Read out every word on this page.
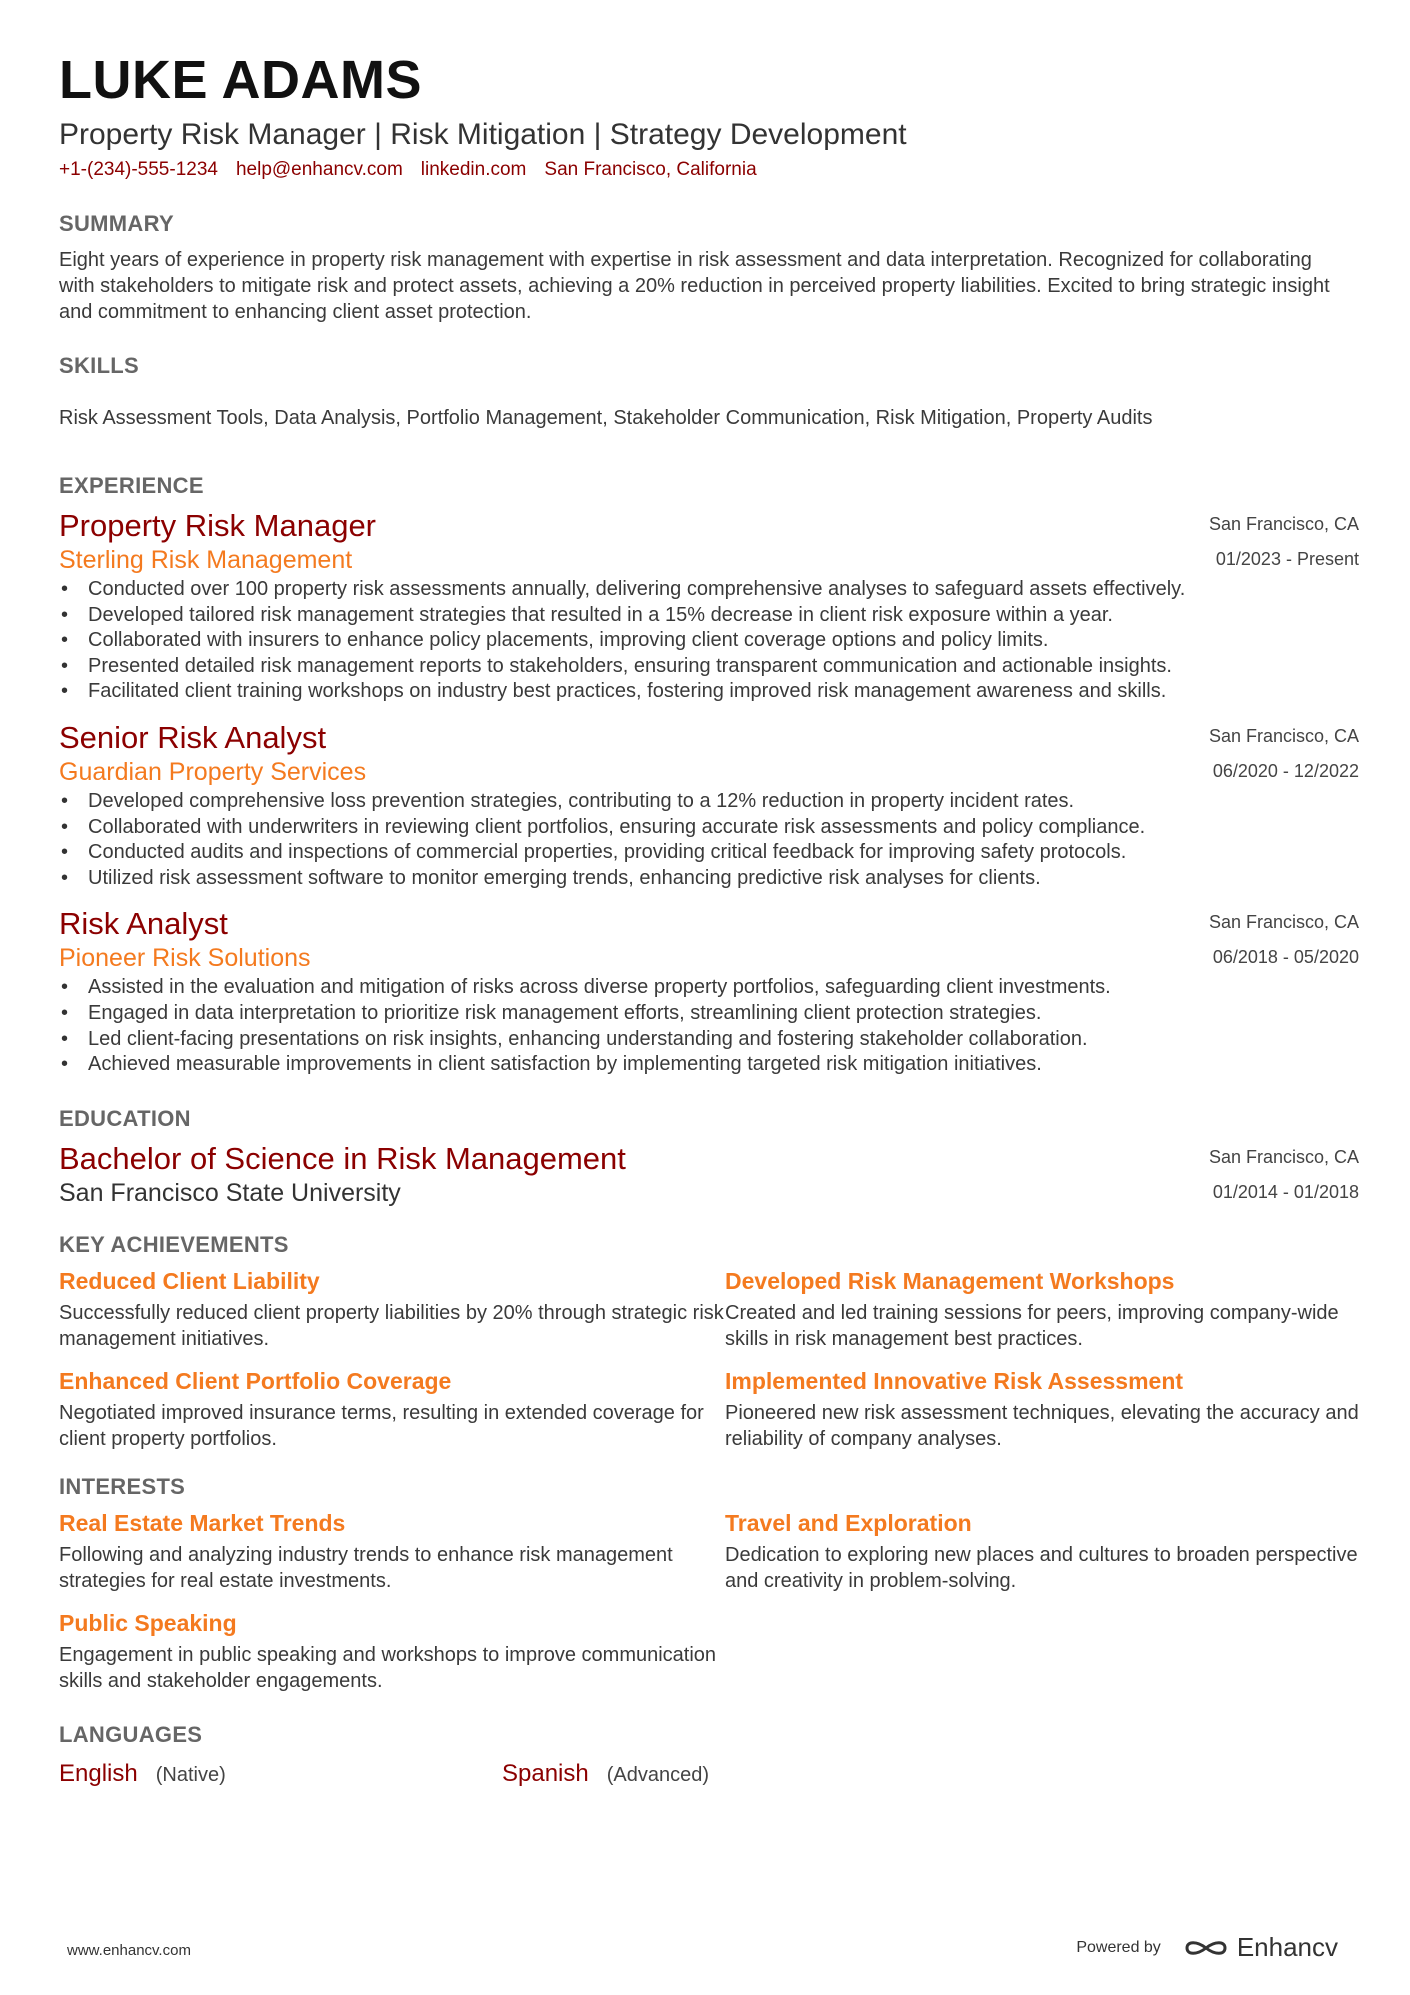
LUKE ADAMS
Property Risk Manager | Risk Mitigation | Strategy Development
+1-(234)-555-1234 help@enhancv.com linkedin.com San Francisco, California
SUMMARY
Eight years of experience in property risk management with expertise in risk assessment and data interpretation. Recognized for collaborating with stakeholders to mitigate risk and protect assets, achieving a 20% reduction in perceived property liabilities. Excited to bring strategic insight and commitment to enhancing client asset protection.
SKILLS
Risk Assessment Tools, Data Analysis, Portfolio Management, Stakeholder Communication, Risk Mitigation, Property Audits
EXPERIENCE
Property Risk Manager
Sterling Risk Management
San Francisco, CA
01/2023 - Present
• Conducted over 100 property risk assessments annually, delivering comprehensive analyses to safeguard assets effectively.
• Developed tailored risk management strategies that resulted in a 15% decrease in client risk exposure within a year.
• Collaborated with insurers to enhance policy placements, improving client coverage options and policy limits.
• Presented detailed risk management reports to stakeholders, ensuring transparent communication and actionable insights.
• Facilitated client training workshops on industry best practices, fostering improved risk management awareness and skills.
Senior Risk Analyst
Guardian Property Services
San Francisco, CA
06/2020 - 12/2022
• Developed comprehensive loss prevention strategies, contributing to a 12% reduction in property incident rates.
• Collaborated with underwriters in reviewing client portfolios, ensuring accurate risk assessments and policy compliance.
• Conducted audits and inspections of commercial properties, providing critical feedback for improving safety protocols.
• Utilized risk assessment software to monitor emerging trends, enhancing predictive risk analyses for clients.
Risk Analyst
Pioneer Risk Solutions
San Francisco, CA
06/2018 - 05/2020
• Assisted in the evaluation and mitigation of risks across diverse property portfolios, safeguarding client investments.
• Engaged in data interpretation to prioritize risk management efforts, streamlining client protection strategies.
• Led client-facing presentations on risk insights, enhancing understanding and fostering stakeholder collaboration.
• Achieved measurable improvements in client satisfaction by implementing targeted risk mitigation initiatives.
EDUCATION
Bachelor of Science in Risk Management
San Francisco State University
San Francisco, CA
01/2014 - 01/2018
KEY ACHIEVEMENTS
Reduced Client Liability
Successfully reduced client property liabilities by 20% through strategic risk management initiatives.
Developed Risk Management Workshops
Created and led training sessions for peers, improving company-wide skills in risk management best practices.
Enhanced Client Portfolio Coverage
Negotiated improved insurance terms, resulting in extended coverage for client property portfolios.
Implemented Innovative Risk Assessment
Pioneered new risk assessment techniques, elevating the accuracy and reliability of company analyses.
INTERESTS
Real Estate Market Trends
Following and analyzing industry trends to enhance risk management strategies for real estate investments.
Travel and Exploration
Dedication to exploring new places and cultures to broaden perspective and creativity in problem-solving.
Public Speaking
Engagement in public speaking and workshops to improve communication skills and stakeholder engagements.
LANGUAGES
English (Native)	Spanish (Advanced)
www.enhancv.com	Powered by	Enhancv
